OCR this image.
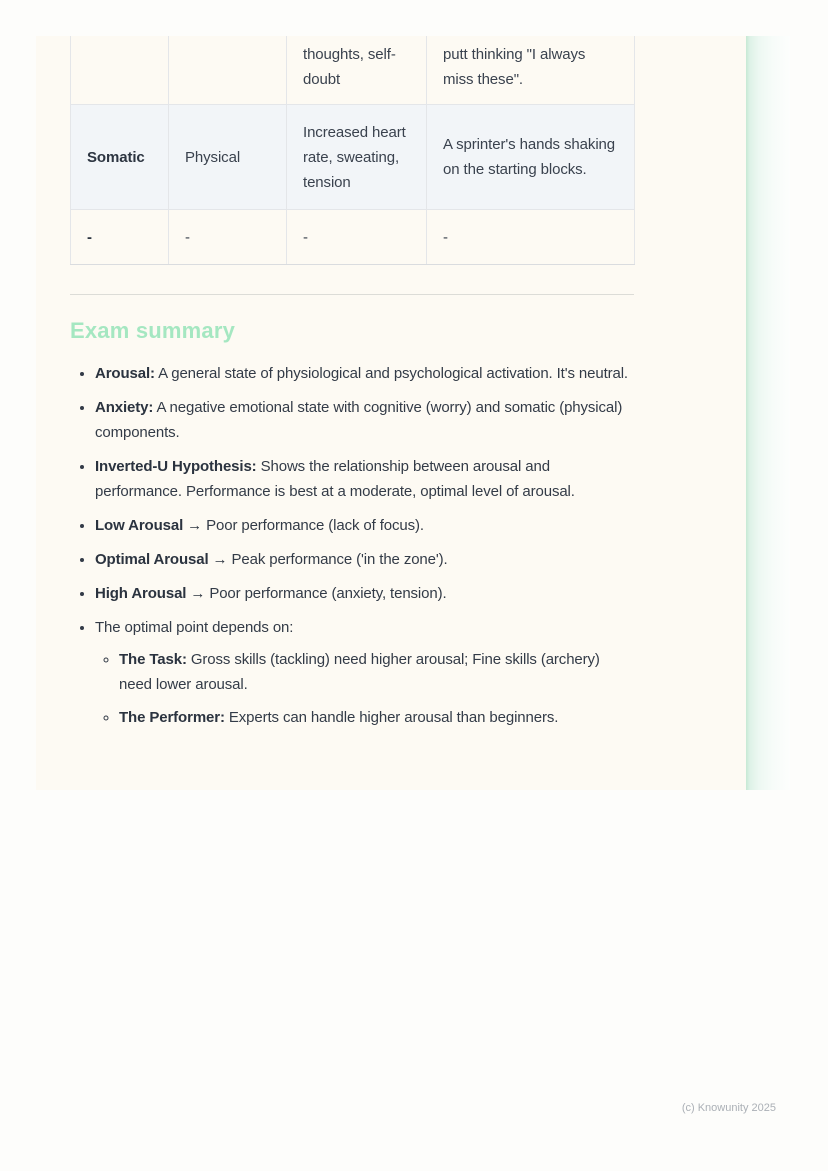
		thoughts, self-doubt	putt thinking "I always miss these".
Somatic	Physical	Increased heart rate, sweating, tension	A sprinter's hands shaking on the starting blocks.
-	-	-	-
Exam summary
• Arousal: A general state of physiological and psychological activation. It's neutral.
• Anxiety: A negative emotional state with cognitive (worry) and somatic (physical) components.
• Inverted-U Hypothesis: Shows the relationship between arousal and performance. Performance is best at a moderate, optimal level of arousal.
• Low Arousal → Poor performance (lack of focus).
• Optimal Arousal → Peak performance ('in the zone').
• High Arousal → Poor performance (anxiety, tension).
• The optimal point depends on:
◦ The Task: Gross skills (tackling) need higher arousal; Fine skills (archery) need lower arousal.
◦ The Performer: Experts can handle higher arousal than beginners.
(c) Knowunity 2025
